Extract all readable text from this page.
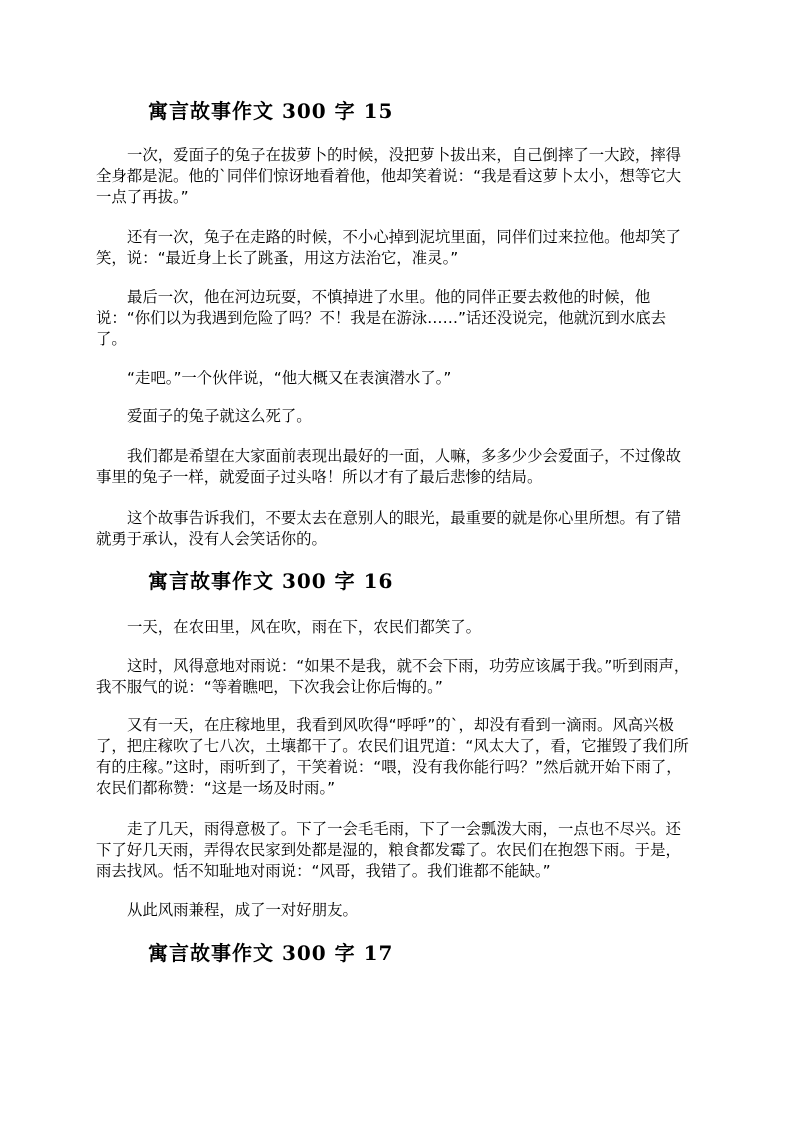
寓言故事作文 300 字 15

一次，爱面子的兔子在拔萝卜的时候，没把萝卜拔出来，自己倒摔了一大跤，摔得全身都是泥。他的`同伴们惊讶地看着他，他却笑着说：“我是看这萝卜太小，想等它大一点了再拔。”

还有一次，兔子在走路的时候，不小心掉到泥坑里面，同伴们过来拉他。他却笑了笑，说：“最近身上长了跳蚤，用这方法治它，准灵。”

最后一次，他在河边玩耍，不慎掉进了水里。他的同伴正要去救他的时候，他说：“你们以为我遇到危险了吗？不！我是在游泳……”话还没说完，他就沉到水底去了。

“走吧。”一个伙伴说，“他大概又在表演潜水了。”

爱面子的兔子就这么死了。

我们都是希望在大家面前表现出最好的一面，人嘛，多多少少会爱面子，不过像故事里的兔子一样，就爱面子过头咯！所以才有了最后悲惨的结局。

这个故事告诉我们，不要太去在意别人的眼光，最重要的就是你心里所想。有了错就勇于承认，没有人会笑话你的。

寓言故事作文 300 字 16

一天，在农田里，风在吹，雨在下，农民们都笑了。

这时，风得意地对雨说：“如果不是我，就不会下雨，功劳应该属于我。”听到雨声，我不服气的说：“等着瞧吧，下次我会让你后悔的。”

又有一天，在庄稼地里，我看到风吹得“呼呼”的`，却没有看到一滴雨。风高兴极了，把庄稼吹了七八次，土壤都干了。农民们诅咒道：“风太大了，看，它摧毁了我们所有的庄稼。”这时，雨听到了，干笑着说：“喂，没有我你能行吗？”然后就开始下雨了，农民们都称赞：“这是一场及时雨。”

走了几天，雨得意极了。下了一会毛毛雨，下了一会瓢泼大雨，一点也不尽兴。还下了好几天雨，弄得农民家到处都是湿的，粮食都发霉了。农民们在抱怨下雨。于是，雨去找风。恬不知耻地对雨说：“风哥，我错了。我们谁都不能缺。”

从此风雨兼程，成了一对好朋友。

寓言故事作文 300 字 17
